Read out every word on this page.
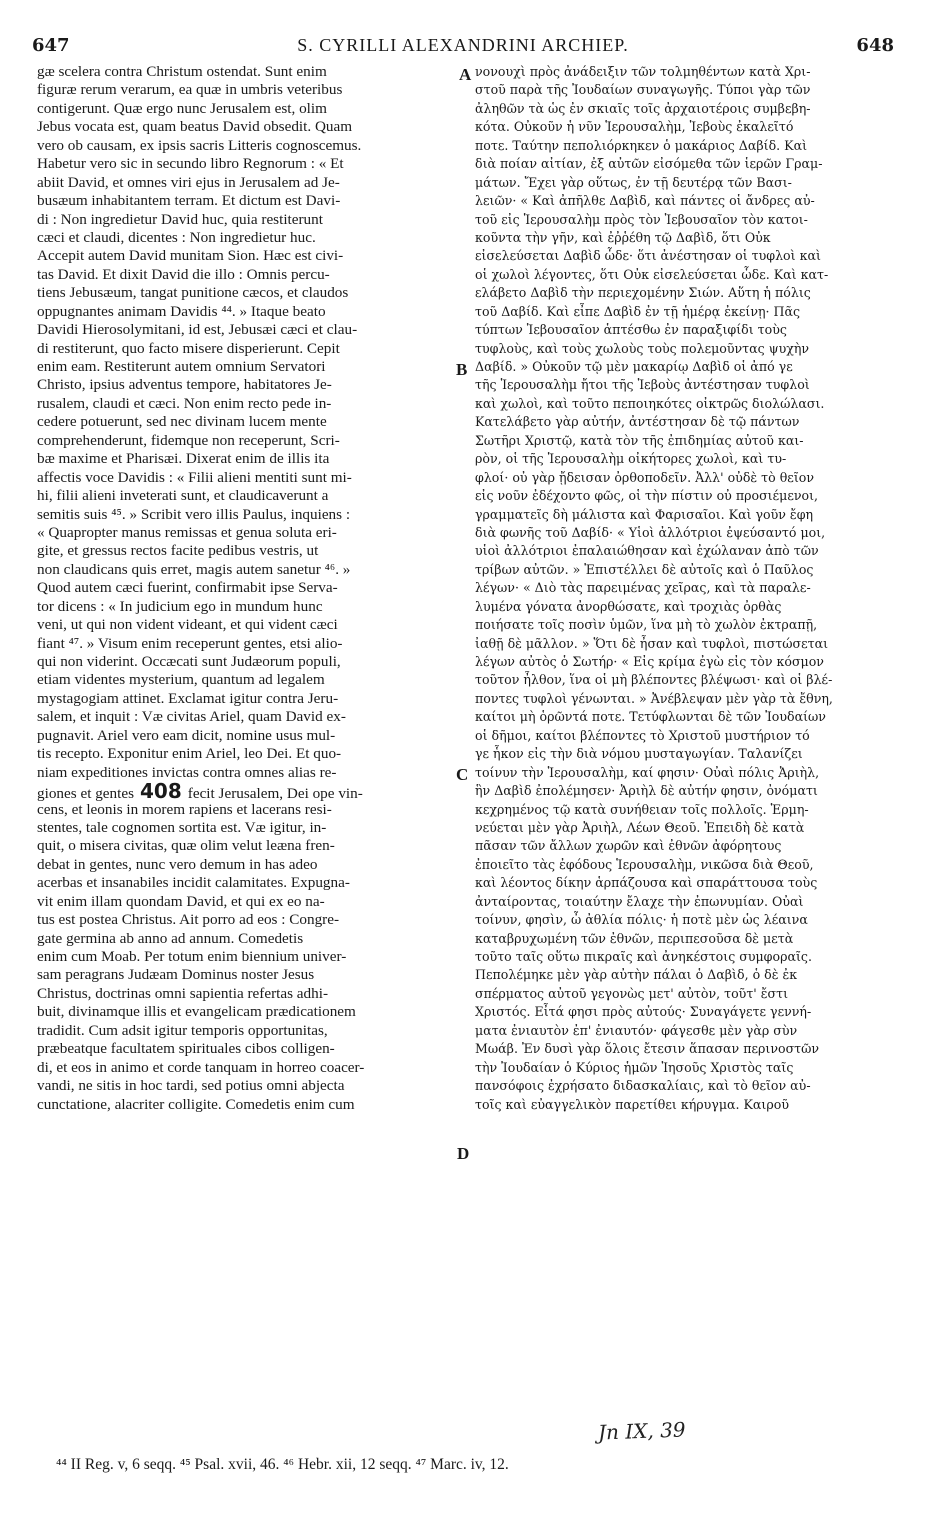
647	S. CYRILLI ALEXANDRINI ARCHIEP.	648
gæ scelera contra Christum ostendat. Sunt enim
figuræ rerum verarum, ea quæ in umbris veteribus
contigerunt. Quæ ergo nunc Jerusalem est, olim
Jebus vocata est, quam beatus David obsedit. Quam
vero ob causam, ex ipsis sacris Litteris cognoscemus.
Habetur vero sic in secundo libro Regnorum : « Et
abiit David, et omnes viri ejus in Jerusalem ad Je-
busæum inhabitantem terram. Et dictum est Davi-
di : Non ingredietur David huc, quia restiterunt
cæci et claudi, dicentes : Non ingredietur huc.
Accepit autem David munitam Sion. Hæc est civi-
tas David. Et dixit David die illo : Omnis percu-
tiens Jebusæum, tangat punitione cæcos, et claudos
oppugnantes animam Davidis ⁴⁴. » Itaque beato
Davidi Hierosolymitani, id est, Jebusæi cæci et clau-
di restiterunt, quo facto misere disperierunt. Cepit
enim eam. Restiterunt autem omnium Servatori
Christo, ipsius adventus tempore, habitatores Je-
rusalem, claudi et cæci. Non enim recto pede in-
cedere potuerunt, sed nec divinam lucem mente
comprehenderunt, fidemque non receperunt, Scri-
bæ maxime et Pharisæi. Dixerat enim de illis ita
affectis voce Davidis : « Filii alieni mentiti sunt mi-
hi, filii alieni inveterati sunt, et claudicaverunt a
semitis suis ⁴⁵. » Scribit vero illis Paulus, inquiens :
« Quapropter manus remissas et genua soluta eri-
gite, et gressus rectos facite pedibus vestris, ut
non claudicans quis erret, magis autem sanetur ⁴⁶. »
Quod autem cæci fuerint, confirmabit ipse Serva-
tor dicens : « In judicium ego in mundum hunc
veni, ut qui non vident videant, et qui vident cæci
fiant ⁴⁷. » Visum enim receperunt gentes, etsi alio-
qui non viderint. Occæcati sunt Judæorum populi,
etiam videntes mysterium, quantum ad legalem
mystagogiam attinet. Exclamat igitur contra Jeru-
salem, et inquit : Væ civitas Ariel, quam David ex-
pugnavit. Ariel vero eam dicit, nomine usus mul-
tis recepto. Exponitur enim Ariel, leo Dei. Et quo-
niam expeditiones invictas contra omnes alias re-
giones et gentes 408 fecit Jerusalem, Dei ope vin-
cens, et leonis in morem rapiens et lacerans resi-
stentes, tale cognomen sortita est. Væ igitur, in-
quit, o misera civitas, quæ olim velut leæna fren-
debat in gentes, nunc vero demum in has adeo
acerbas et insanabiles incidit calamitates. Expugna-
vit enim illam quondam David, et qui ex eo na-
tus est postea Christus. Ait porro ad eos : Congre-
gate germina ab anno ad annum. Comedetis
enim cum Moab. Per totum enim biennium univer-
sam peragrans Judæam Dominus noster Jesus
Christus, doctrinas omni sapientia refertas adhi-
buit, divinamque illis et evangelicam prædicationem
tradidit. Cum adsit igitur temporis opportunitas,
præbeatque facultatem spirituales cibos colligen-
di, et eos in animo et corde tanquam in horreo coacer-
vandi, ne sitis in hoc tardi, sed potius omni abjecta
cunctatione, alacriter colligite. Comedetis enim cum
νονουχὶ πρὸς ἀνάδειξιν τῶν τολμηθέντων κατὰ Χρι-
στοῦ παρὰ τῆς Ἰουδαίων συναγωγῆς. Τύποι γὰρ τῶν
ἀληθῶν τὰ ὡς ἐν σκιαῖς τοῖς ἀρχαιοτέροις συμβεβη-
κότα. Οὐκοῦν ἡ νῦν Ἱερουσαλὴμ, Ἰεβοὺς ἐκαλεῖτό
ποτε. Ταύτην πεπολιόρκηκεν ὁ μακάριος Δαβίδ. Καὶ
διὰ ποίαν αἰτίαν, ἐξ αὐτῶν εἰσόμεθα τῶν ἱερῶν Γραμ-
μάτων. Ἔχει γὰρ οὕτως, ἐν τῇ δευτέρᾳ τῶν Βασι-
λειῶν· « Καὶ ἀπῆλθε Δαβὶδ, καὶ πάντες οἱ ἄνδρες αὐ-
τοῦ εἰς Ἱερουσαλὴμ πρὸς τὸν Ἰεβουσαῖον τὸν κατοι-
κοῦντα τὴν γῆν, καὶ ἐῤῥέθη τῷ Δαβὶδ, ὅτι Οὐκ
εἰσελεύσεται Δαβὶδ ὧδε· ὅτι ἀνέστησαν οἱ τυφλοὶ καὶ
οἱ χωλοὶ λέγοντες, ὅτι Οὐκ εἰσελεύσεται ὧδε. Καὶ κατ-
ελάβετο Δαβὶδ τὴν περιεχομένην Σιών. Αὕτη ἡ πόλις
τοῦ Δαβίδ. Καὶ εἶπε Δαβὶδ ἐν τῇ ἡμέρᾳ ἐκείνῃ· Πᾶς
τύπτων Ἰεβουσαῖον ἁπτέσθω ἐν παραξιφίδι τοὺς
τυφλοὺς, καὶ τοὺς χωλοὺς τοὺς πολεμοῦντας ψυχὴν
Δαβίδ. » Οὐκοῦν τῷ μὲν μακαρίῳ Δαβὶδ οἱ ἀπό γε
τῆς Ἱερουσαλὴμ ἤτοι τῆς Ἰεβοὺς ἀντέστησαν τυφλοὶ
καὶ χωλοὶ, καὶ τοῦτο πεποιηκότες οἰκτρῶς διολώλασι.
Κατελάβετο γὰρ αὐτήν, ἀντέστησαν δὲ τῷ πάντων
Σωτῆρι Χριστῷ, κατὰ τὸν τῆς ἐπιδημίας αὐτοῦ και-
ρὸν, οἱ τῆς Ἱερουσαλὴμ οἰκήτορες χωλοὶ, καὶ τυ-
φλοί· οὐ γὰρ ᾔδεισαν ὀρθοποδεῖν. Ἀλλ' οὐδὲ τὸ θεῖον
εἰς νοῦν ἐδέχοντο φῶς, οἱ τὴν πίστιν οὐ προσιέμενοι,
γραμματεῖς δὴ μάλιστα καὶ Φαρισαῖοι. Καὶ γοῦν ἔφη
διὰ φωνῆς τοῦ Δαβίδ· « Υἱοὶ ἀλλότριοι ἐψεύσαντό μοι,
υἱοὶ ἀλλότριοι ἐπαλαιώθησαν καὶ ἐχώλαναν ἀπὸ τῶν
τρίβων αὐτῶν. » Ἐπιστέλλει δὲ αὐτοῖς καὶ ὁ Παῦλος
λέγων· « Διὸ τὰς παρειμένας χεῖρας, καὶ τὰ παραλε-
λυμένα γόνατα ἀνορθώσατε, καὶ τροχιὰς ὀρθὰς
ποιήσατε τοῖς ποσὶν ὑμῶν, ἵνα μὴ τὸ χωλὸν ἐκτραπῇ,
ἰαθῇ δὲ μᾶλλον. » Ὅτι δὲ ἦσαν καὶ τυφλοὶ, πιστώσεται
λέγων αὐτὸς ὁ Σωτήρ· « Εἰς κρίμα ἐγὼ εἰς τὸν κόσμον
τοῦτον ἦλθον, ἵνα οἱ μὴ βλέποντες βλέψωσι· καὶ οἱ βλέ-
ποντες τυφλοὶ γένωνται. » Ἀνέβλεψαν μὲν γὰρ τὰ ἔθνη,
καίτοι μὴ ὁρῶντά ποτε. Τετύφλωνται δὲ τῶν Ἰουδαίων
οἱ δῆμοι, καίτοι βλέποντες τὸ Χριστοῦ μυστήριον τό
γε ἧκον εἰς τὴν διὰ νόμου μυσταγωγίαν. Ταλανίζει
τοίνυν τὴν Ἱερουσαλὴμ, καί φησιν· Οὐαὶ πόλις Ἀριὴλ,
ἣν Δαβὶδ ἐπολέμησεν· Ἀριὴλ δὲ αὐτήν φησιν, ὀνόματι
κεχρημένος τῷ κατὰ συνήθειαν τοῖς πολλοῖς. Ἑρμη-
νεύεται μὲν γὰρ Ἀριὴλ, Λέων Θεοῦ. Ἐπειδὴ δὲ κατὰ
πᾶσαν τῶν ἄλλων χωρῶν καὶ ἐθνῶν ἀφόρητους
ἐποιεῖτο τὰς ἐφόδους Ἱερουσαλὴμ, νικῶσα διὰ Θεοῦ,
καὶ λέοντος δίκην ἁρπάζουσα καὶ σπαράττουσα τοὺς
ἀνταίροντας, τοιαύτην ἔλαχε τὴν ἐπωνυμίαν. Οὐαὶ
τοίνυν, φησὶν, ὦ ἀθλία πόλις· ἡ ποτὲ μὲν ὡς λέαινα
καταβρυχωμένη τῶν ἐθνῶν, περιπεσοῦσα δὲ μετὰ
τοῦτο ταῖς οὕτω πικραῖς καὶ ἀνηκέστοις συμφοραῖς.
Πεπολέμηκε μὲν γὰρ αὐτὴν πάλαι ὁ Δαβὶδ, ὁ δὲ ἐκ
σπέρματος αὐτοῦ γεγονὼς μετ' αὐτὸν, τοῦτ' ἔστι
Χριστός. Εἶτά φησι πρὸς αὐτούς· Συναγάγετε γεννή-
ματα ἐνιαυτὸν ἐπ' ἐνιαυτόν· φάγεσθε μὲν γὰρ σὺν
Μωάβ. Ἐν δυσὶ γὰρ ὅλοις ἔτεσιν ἅπασαν περινοστῶν
τὴν Ἰουδαίαν ὁ Κύριος ἡμῶν Ἰησοῦς Χριστὸς ταῖς
πανσόφοις ἐχρήσατο διδασκαλίαις, καὶ τὸ θεῖον αὐ-
τοῖς καὶ εὐαγγελικὸν παρετίθει κήρυγμα. Καιροῦ
A
B
C
D
Jn IX, 39
⁴⁴ II Reg. v, 6 seqq. ⁴⁵ Psal. xvii, 46. ⁴⁶ Hebr. xii, 12 seqq. ⁴⁷ Marc. iv, 12.
